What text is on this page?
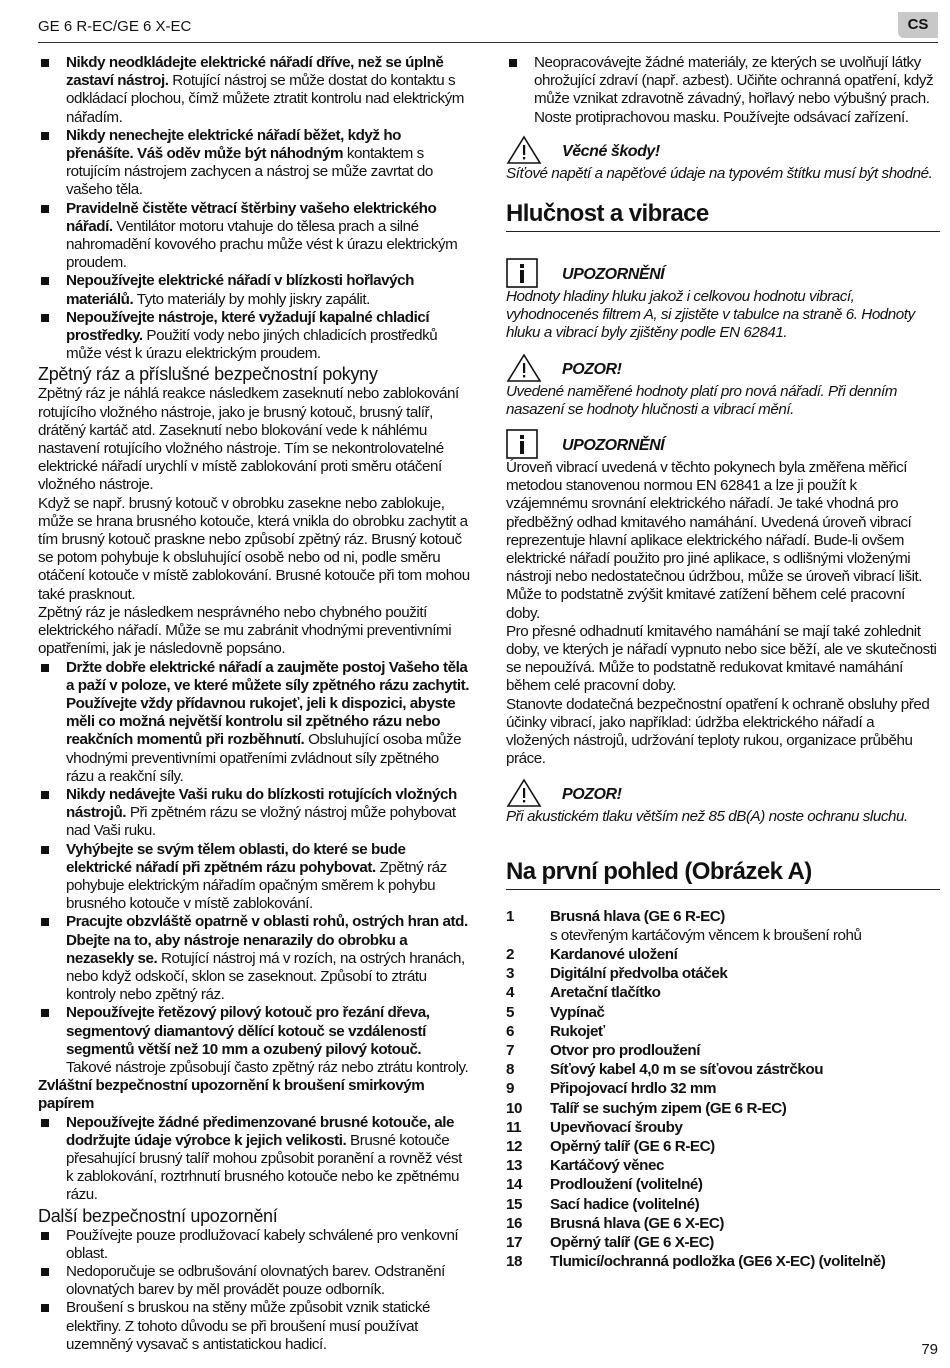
GE 6 R-EC/GE 6 X-EC	CS

Nikdy neodkládejte elektrické nářadí dříve, než se úplně zastaví nástroj. Rotující nástroj se může dostat do kontaktu s odkládací plochou, čímž můžete ztratit kontrolu nad elektrickým nářadím.

Nikdy nenechejte elektrické nářadí běžet, když ho přenášíte. Váš oděv může být náhodným kontaktem s rotujícím nástrojem zachycen a nástroj se může zavrtat do vašeho těla.

Pravidelně čistěte větrací štěrbiny vašeho elektrického nářadí. Ventilátor motoru vtahuje do tělesa prach a silné nahromadění kovového prachu může vést k úrazu elektrickým proudem.

Nepoužívejte elektrické nářadí v blízkosti hořlavých materiálů. Tyto materiály by mohly jiskry zapálit.

Nepoužívejte nástroje, které vyžadují kapalné chladicí prostředky. Použití vody nebo jiných chladicích prostředků může vést k úrazu elektrickým proudem.

Zpětný ráz a příslušné bezpečnostní pokyny

Zpětný ráz je náhlá reakce následkem zaseknutí nebo zablokování rotujícího vložného nástroje, jako je brusný kotouč, brusný talíř, drátěný kartáč atd. Zaseknutí nebo blokování vede k náhlému nastavení rotujícího vložného nástroje. Tím se nekontrolovatelné elektrické nářadí urychlí v místě zablokování proti směru otáčení vložného nástroje.

Když se např. brusný kotouč v obrobku zasekne nebo zablokuje, může se hrana brusného kotouče, která vnikla do obrobku zachytit a tím brusný kotouč praskne nebo způsobí zpětný ráz. Brusný kotouč se potom pohybuje k obsluhující osobě nebo od ni, podle směru otáčení kotouče v místě zablokování. Brusné kotouče při tom mohou také prasknout.

Zpětný ráz je následkem nesprávného nebo chybného použití elektrického nářadí. Může se mu zabránit vhodnými preventivními opatřeními, jak je následovně popsáno.

Držte dobře elektrické nářadí a zaujměte postoj Vašeho těla a paží v poloze, ve které můžete síly zpětného rázu zachytit. Používejte vždy přídavnou rukojeť, jeli k dispozici, abyste měli co možná největší kontrolu sil zpětného rázu nebo reakčních momentů při rozběhnutí. Obsluhující osoba může vhodnými preventivními opatřeními zvládnout síly zpětného rázu a reakční síly.

Nikdy nedávejte Vaši ruku do blízkosti rotujících vložných nástrojů. Při zpětném rázu se vložný nástroj může pohybovat nad Vaši ruku.

Vyhýbejte se svým tělem oblasti, do které se bude elektrické nářadí při zpětném rázu pohybovat. Zpětný ráz pohybuje elektrickým nářadím opačným směrem k pohybu brusného kotouče v místě zablokování.

Pracujte obzvláště opatrně v oblasti rohů, ostrých hran atd. Dbejte na to, aby nástroje nenarazily do obrobku a nezasekly se. Rotující nástroj má v rozích, na ostrých hranách, nebo když odskočí, sklon se zaseknout. Způsobí to ztrátu kontroly nebo zpětný ráz.

Nepoužívejte řetězový pilový kotouč pro řezání dřeva, segmentový diamantový dělící kotouč se vzdáleností segmentů větší než 10 mm a ozubený pilový kotouč. Takové nástroje způsobují často zpětný ráz nebo ztrátu kontroly.

Zvláštní bezpečnostní upozornění k broušení smirkovým papírem

Nepoužívejte žádné předimenzované brusné kotouče, ale dodržujte údaje výrobce k jejich velikosti. Brusné kotouče přesahující brusný talíř mohou způsobit poranění a rovněž vést k zablokování, roztrhnutí brusného kotouče nebo ke zpětnému rázu.

Další bezpečnostní upozornění

Používejte pouze prodlužovací kabely schválené pro venkovní oblast.

Nedoporučuje se odbrušování olovnatých barev. Odstranění olovnatých barev by měl provádět pouze odborník.

Broušení s bruskou na stěny může způsobit vznik statické elektřiny. Z tohoto důvodu se při broušení musí používat uzemněný vysavač s antistatickou hadicí.

Neopracovávejte žádné materiály, ze kterých se uvolňují látky ohrožující zdraví (např. azbest). Učiňte ochranná opatření, když může vznikat zdravotně závadný, hořlavý nebo výbušný prach. Noste protiprachovou masku. Používejte odsávací zařízení.

Věcné škody!

Síťové napětí a napěťové údaje na typovém štítku musí být shodné.

Hlučnost a vibrace

UPOZORNĚNÍ

Hodnoty hladiny hluku jakož i celkovou hodnotu vibrací, vyhodnocenés filtrem A, si zjistěte v tabulce na straně 6. Hodnoty hluku a vibrací byly zjištěny podle EN 62841.

POZOR!

Uvedené naměřené hodnoty platí pro nová nářadí. Při denním nasazení se hodnoty hlučnosti a vibrací mění.

UPOZORNĚNÍ

Úroveň vibrací uvedená v těchto pokynech byla změřena měřicí metodou stanovenou normou EN 62841 a lze ji použít k vzájemnému srovnání elektrického nářadí. Je také vhodná pro předběžný odhad kmitavého namáhání. Uvedená úroveň vibrací reprezentuje hlavní aplikace elektrického nářadí. Bude-li ovšem elektrické nářadí použito pro jiné aplikace, s odlišnými vloženými nástroji nebo nedostatečnou údržbou, může se úroveň vibrací lišit. Může to podstatně zvýšit kmitavé zatížení během celé pracovní doby.

Pro přesné odhadnutí kmitavého namáhání se mají také zohlednit doby, ve kterých je nářadí vypnuto nebo sice běží, ale ve skutečnosti se nepoužívá. Může to podstatně redukovat kmitavé namáhání během celé pracovní doby.

Stanovte dodatečná bezpečnostní opatření k ochraně obsluhy před účinky vibrací, jako například: údržba elektrického nářadí a vložených nástrojů, udržování teploty rukou, organizace průběhu práce.

POZOR!

Při akustickém tlaku větším než 85 dB(A) noste ochranu sluchu.

Na první pohled (Obrázek A)

1 Brusná hlava (GE 6 R-EC)
s otevřeným kartáčovým věncem k broušení rohů
2 Kardanové uložení
3 Digitální předvolba otáček
4 Aretační tlačítko
5 Vypínač
6 Rukojeť
7 Otvor pro prodloužení
8 Síťový kabel 4,0 m se síťovou zástrčkou
9 Připojovací hrdlo 32 mm
10 Talíř se suchým zipem (GE 6 R-EC)
11 Upevňovací šrouby
12 Opěrný talíř (GE 6 R-EC)
13 Kartáčový věnec
14 Prodloužení (volitelné)
15 Sací hadice (volitelné)
16 Brusná hlava (GE 6 X-EC)
17 Opěrný talíř (GE 6 X-EC)
18 Tlumicí/ochranná podložka (GE6 X-EC) (volitelně)
79
